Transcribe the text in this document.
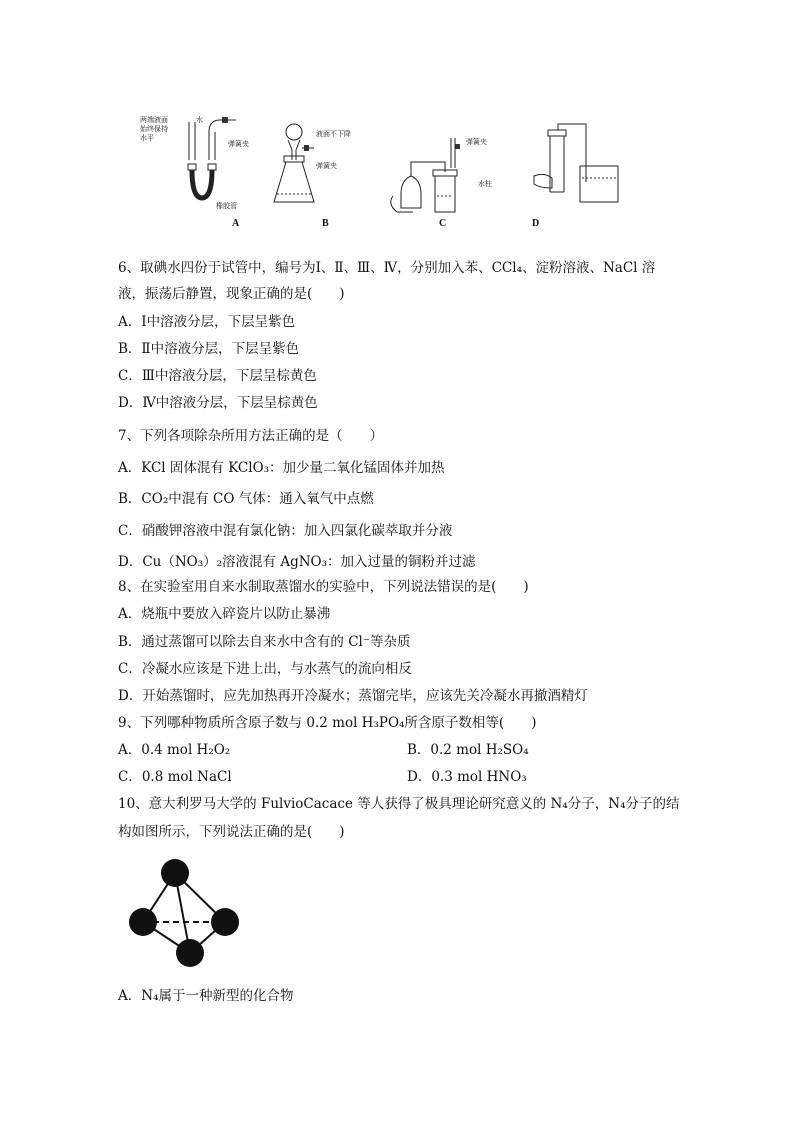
两端液面
始终保持
水平
水
弹簧夹
橡胶管
A
液面不下降
弹簧夹
B
弹簧夹
水柱
C	D
6、取碘水四份于试管中，编号为Ⅰ、Ⅱ、Ⅲ、Ⅳ，分别加入苯、CCl₄、淀粉溶液、NaCl 溶
液，振荡后静置，现象正确的是(　　)
A．Ⅰ中溶液分层，下层呈紫色
B．Ⅱ中溶液分层，下层呈紫色
C．Ⅲ中溶液分层，下层呈棕黄色
D．Ⅳ中溶液分层，下层呈棕黄色
7、下列各项除杂所用方法正确的是（　　）
A．KCl 固体混有 KClO₃：加少量二氧化锰固体并加热
B．CO₂中混有 CO 气体：通入氧气中点燃
C．硝酸钾溶液中混有氯化钠：加入四氯化碳萃取并分液
D．Cu（NO₃）₂溶液混有 AgNO₃：加入过量的铜粉并过滤
8、在实验室用自来水制取蒸馏水的实验中，下列说法错误的是(　　)
A．烧瓶中要放入碎瓷片以防止暴沸
B．通过蒸馏可以除去自来水中含有的 Cl⁻等杂质
C．冷凝水应该是下进上出，与水蒸气的流向相反
D．开始蒸馏时，应先加热再开冷凝水；蒸馏完毕，应该先关冷凝水再撤酒精灯
9、下列哪种物质所含原子数与 0.2 mol H₃PO₄所含原子数相等(　　)
A．0.4 mol H₂O₂	B．0.2 mol H₂SO₄
C．0.8 mol NaCl	D．0.3 mol HNO₃
10、意大利罗马大学的 FulvioCacace 等人获得了极具理论研究意义的 N₄分子，N₄分子的结
构如图所示，下列说法正确的是(　　)
A．N₄属于一种新型的化合物
